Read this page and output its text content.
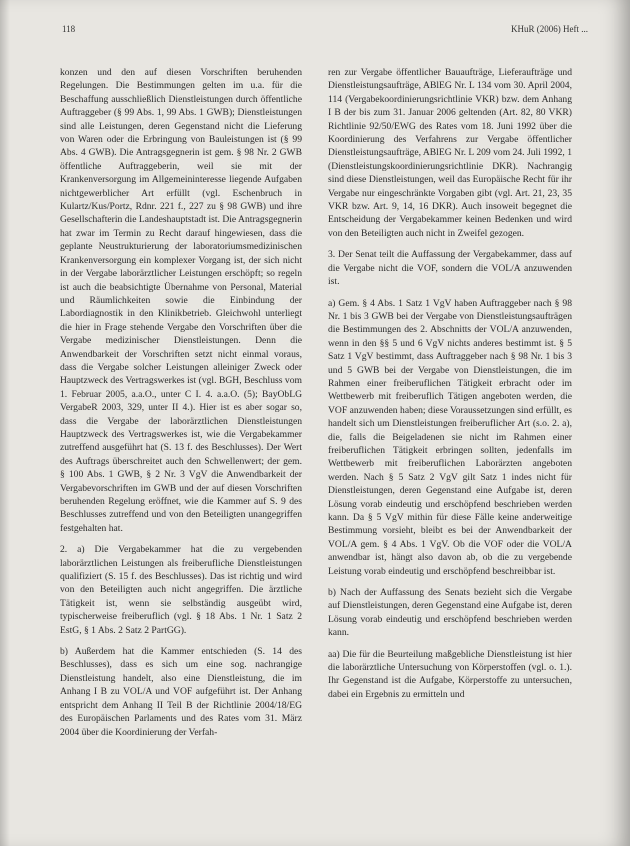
118	KHuR (2006) Heft ...

konzen und den auf diesen Vorschriften beruhenden Regelungen. Die Bestimmungen gelten im u.a. für die Beschaffung ausschließlich Dienstleistungen durch öffentliche Auftraggeber (§ 99 Abs. 1, 99 Abs. 1 GWB); Dienstleistungen sind alle Leistungen, deren Gegenstand nicht die Lieferung von Waren oder die Erbringung von Bauleistungen ist (§ 99 Abs. 4 GWB). Die Antragsgegnerin ist gem. § 98 Nr. 2 GWB öffentliche Auftraggeberin, weil sie mit der Krankenversorgung im Allgemeininteresse liegende Aufgaben nichtgewerblicher Art erfüllt (vgl. Eschenbruch in Kulartz/Kus/Portz, Rdnr. 221 f., 227 zu § 98 GWB) und ihre Gesellschafterin die Landeshauptstadt ist. Die Antragsgegnerin hat zwar im Termin zu Recht darauf hingewiesen, dass die geplante Neustrukturierung der laboratoriumsmedizinischen Krankenversorgung ein komplexer Vorgang ist, der sich nicht in der Vergabe laborärztlicher Leistungen erschöpft; so regeln ist auch die beabsichtigte Übernahme von Personal, Material und Räumlichkeiten sowie die Einbindung der Labordiagnostik in den Klinikbetrieb. Gleichwohl unterliegt die hier in Frage stehende Vergabe den Vorschriften über die Vergabe medizinischer Dienstleistungen. Denn die Anwendbarkeit der Vorschriften setzt nicht einmal voraus, dass die Vergabe solcher Leistungen alleiniger Zweck oder Hauptzweck des Vertragswerkes ist (vgl. BGH, Beschluss vom 1. Februar 2005, a.a.O., unter C I. 4. a.a.O. (5); BayObLG VergabeR 2003, 329, unter II 4.). Hier ist es aber sogar so, dass die Vergabe der laborärztlichen Dienstleistungen Hauptzweck des Vertragswerkes ist, wie die Vergabekammer zutreffend ausgeführt hat (S. 13 f. des Beschlusses). Der Wert des Auftrags überschreitet auch den Schwellenwert; der gem. § 100 Abs. 1 GWB, § 2 Nr. 3 VgV die Anwendbarkeit der Vergabevorschriften im GWB und der auf diesen Vorschriften beruhenden Regelung eröffnet, wie die Kammer auf S. 9 des Beschlusses zutreffend und von den Beteiligten unangegriffen festgehalten hat.

2. a) Die Vergabekammer hat die zu vergebenden laborärztlichen Leistungen als freiberufliche Dienstleistungen qualifiziert (S. 15 f. des Beschlusses). Das ist richtig und wird von den Beteiligten auch nicht angegriffen. Die ärztliche Tätigkeit ist, wenn sie selbständig ausgeübt wird, typischerweise freiberuflich (vgl. § 18 Abs. 1 Nr. 1 Satz 2 EstG, § 1 Abs. 2 Satz 2 PartGG).

b) Außerdem hat die Kammer entschieden (S. 14 des Beschlusses), dass es sich um eine sog. nachrangige Dienstleistung handelt, also eine Dienstleistung, die im Anhang I B zu VOL/A und VOF aufgeführt ist. Der Anhang entspricht dem Anhang II Teil B der Richtlinie 2004/18/EG des Europäischen Parlaments und des Rates vom 31. März 2004 über die Koordinierung der Verfah-

ren zur Vergabe öffentlicher Bauaufträge, Lieferaufträge und Dienstleistungsaufträge, ABlEG Nr. L 134 vom 30. April 2004, 114 (Vergabekoordinierungsrichtlinie VKR) bzw. dem Anhang I B der bis zum 31. Januar 2006 geltenden (Art. 82, 80 VKR) Richtlinie 92/50/EWG des Rates vom 18. Juni 1992 über die Koordinierung des Verfahrens zur Vergabe öffentlicher Dienstleistungsaufträge, ABlEG Nr. L 209 vom 24. Juli 1992, 1 (Dienstleistungskoordinierungsrichtlinie DKR). Nachrangig sind diese Dienstleistungen, weil das Europäische Recht für ihr Vergabe nur eingeschränkte Vorgaben gibt (vgl. Art. 21, 23, 35 VKR bzw. Art. 9, 14, 16 DKR). Auch insoweit begegnet die Entscheidung der Vergabekammer keinen Bedenken und wird von den Beteiligten auch nicht in Zweifel gezogen.

3. Der Senat teilt die Auffassung der Vergabekammer, dass auf die Vergabe nicht die VOF, sondern die VOL/A anzuwenden ist.

a) Gem. § 4 Abs. 1 Satz 1 VgV haben Auftraggeber nach § 98 Nr. 1 bis 3 GWB bei der Vergabe von Dienstleistungsaufträgen die Bestimmungen des 2. Abschnitts der VOL/A anzuwenden, wenn in den §§ 5 und 6 VgV nichts anderes bestimmt ist. § 5 Satz 1 VgV bestimmt, dass Auftraggeber nach § 98 Nr. 1 bis 3 und 5 GWB bei der Vergabe von Dienstleistungen, die im Rahmen einer freiberuflichen Tätigkeit erbracht oder im Wettbewerb mit freiberuflich Tätigen angeboten werden, die VOF anzuwenden haben; diese Voraussetzungen sind erfüllt, es handelt sich um Dienstleistungen freiberuflicher Art (s.o. 2. a), die, falls die Beigeladenen sie nicht im Rahmen einer freiberuflichen Tätigkeit erbringen sollten, jedenfalls im Wettbewerb mit freiberuflichen Laborärzten angeboten werden. Nach § 5 Satz 2 VgV gilt Satz 1 indes nicht für Dienstleistungen, deren Gegenstand eine Aufgabe ist, deren Lösung vorab eindeutig und erschöpfend beschrieben werden kann. Da § 5 VgV mithin für diese Fälle keine anderweitige Bestimmung vorsieht, bleibt es bei der Anwendbarkeit der VOL/A gem. § 4 Abs. 1 VgV. Ob die VOF oder die VOL/A anwendbar ist, hängt also davon ab, ob die zu vergebende Leistung vorab eindeutig und erschöpfend beschreibbar ist.

b) Nach der Auffassung des Senats bezieht sich die Vergabe auf Dienstleistungen, deren Gegenstand eine Aufgabe ist, deren Lösung vorab eindeutig und erschöpfend beschrieben werden kann.

aa) Die für die Beurteilung maßgebliche Dienstleistung ist hier die laborärztliche Untersuchung von Körperstoffen (vgl. o. 1.). Ihr Gegenstand ist die Aufgabe, Körperstoffe zu untersuchen, dabei ein Ergebnis zu ermitteln und
